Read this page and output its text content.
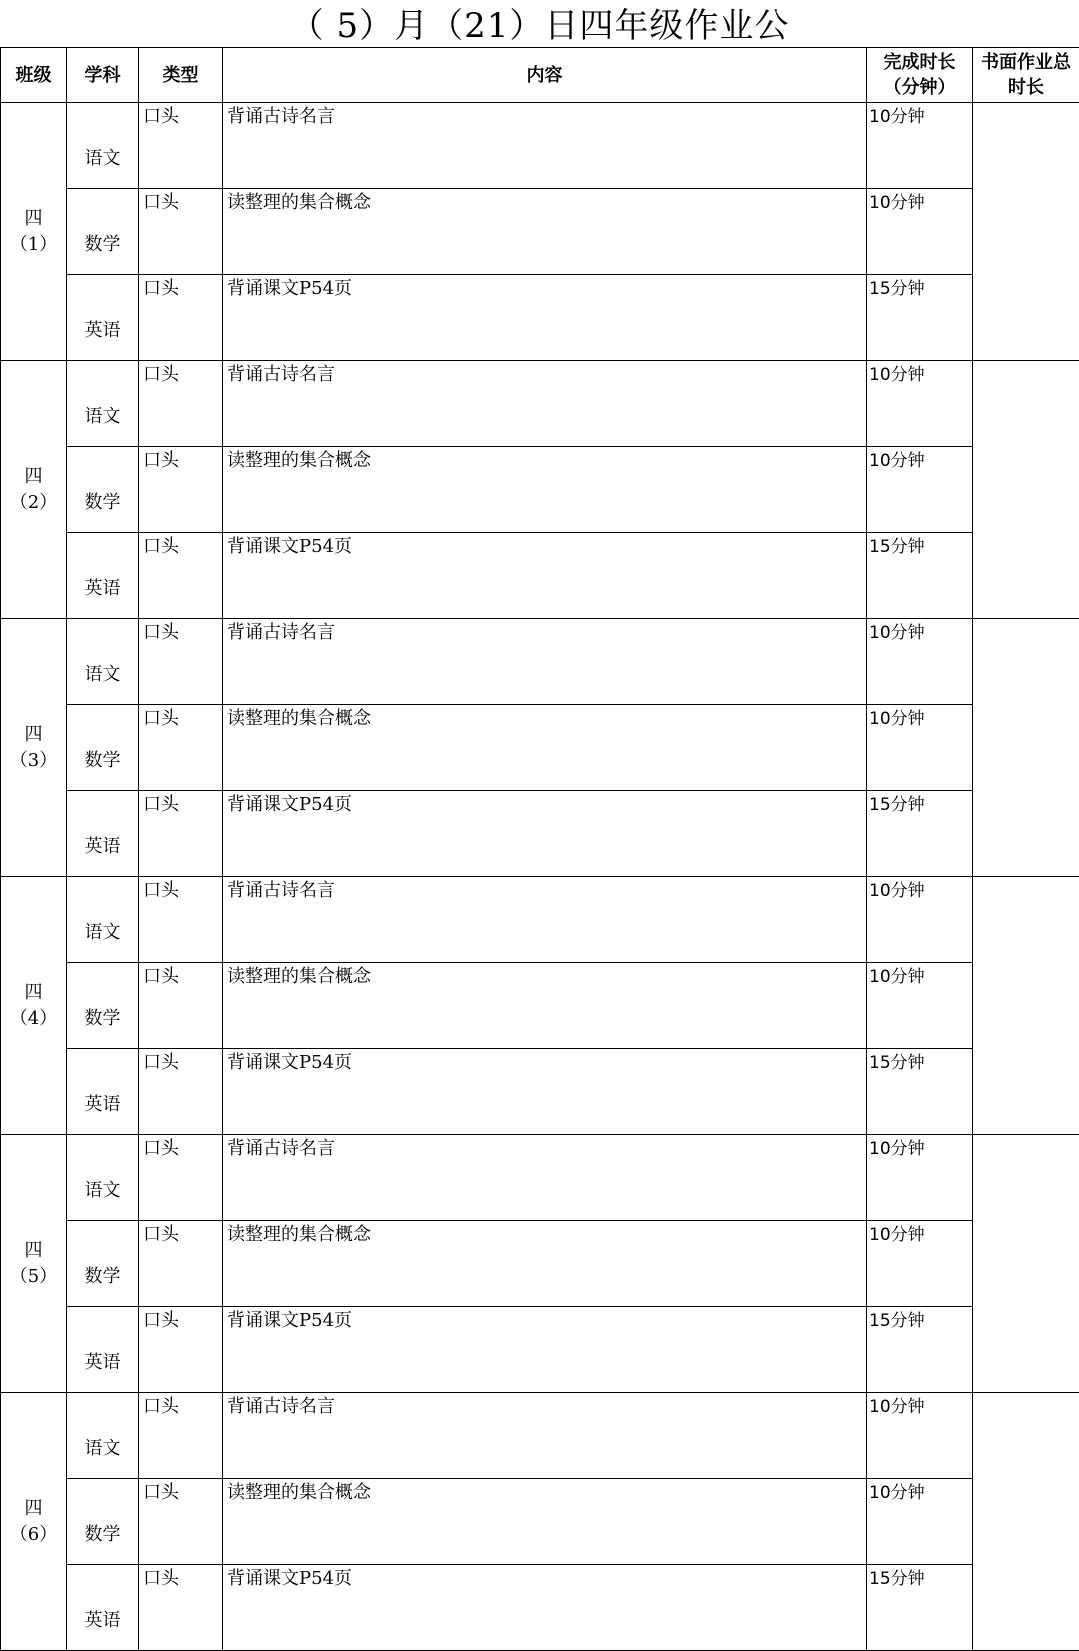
（ 5）月（21）日四年级作业公
班级	学科	类型	内容	完成时长（分钟）	书面作业总时长

四
（1）	语文	口头	背诵古诗名言	10分钟	
	数学	口头	读整理的集合概念	10分钟	
	英语	口头	背诵课文P54页	15分钟	

四
（2）	语文	口头	背诵古诗名言	10分钟	
	数学	口头	读整理的集合概念	10分钟	
	英语	口头	背诵课文P54页	15分钟	

四
（3）	语文	口头	背诵古诗名言	10分钟	
	数学	口头	读整理的集合概念	10分钟	
	英语	口头	背诵课文P54页	15分钟	

四
（4）	语文	口头	背诵古诗名言	10分钟	
	数学	口头	读整理的集合概念	10分钟	
	英语	口头	背诵课文P54页	15分钟	

四
（5）	语文	口头	背诵古诗名言	10分钟	
	数学	口头	读整理的集合概念	10分钟	
	英语	口头	背诵课文P54页	15分钟	

四
（6）	语文	口头	背诵古诗名言	10分钟	
	数学	口头	读整理的集合概念	10分钟	
	英语	口头	背诵课文P54页	15分钟	
